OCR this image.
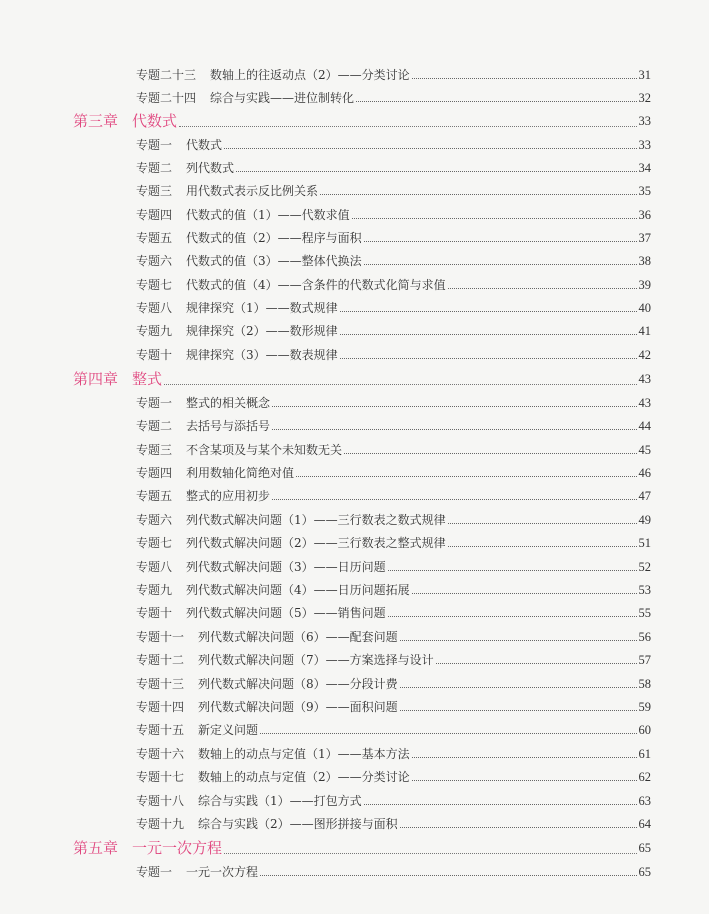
专题二十三 数轴上的往返动点（2）——分类讨论	31
专题二十四 综合与实践——进位制转化	32
第三章 代数式	33
专题一 代数式	33
专题二 列代数式	34
专题三 用代数式表示反比例关系	35
专题四 代数式的值（1）——代数求值	36
专题五 代数式的值（2）——程序与面积	37
专题六 代数式的值（3）——整体代换法	38
专题七 代数式的值（4）——含条件的代数式化简与求值	39
专题八 规律探究（1）——数式规律	40
专题九 规律探究（2）——数形规律	41
专题十 规律探究（3）——数表规律	42
第四章 整式	43
专题一 整式的相关概念	43
专题二 去括号与添括号	44
专题三 不含某项及与某个未知数无关	45
专题四 利用数轴化简绝对值	46
专题五 整式的应用初步	47
专题六 列代数式解决问题（1）——三行数表之数式规律	49
专题七 列代数式解决问题（2）——三行数表之整式规律	51
专题八 列代数式解决问题（3）——日历问题	52
专题九 列代数式解决问题（4）——日历问题拓展	53
专题十 列代数式解决问题（5）——销售问题	55
专题十一 列代数式解决问题（6）——配套问题	56
专题十二 列代数式解决问题（7）——方案选择与设计	57
专题十三 列代数式解决问题（8）——分段计费	58
专题十四 列代数式解决问题（9）——面积问题	59
专题十五 新定义问题	60
专题十六 数轴上的动点与定值（1）——基本方法	61
专题十七 数轴上的动点与定值（2）——分类讨论	62
专题十八 综合与实践（1）——打包方式	63
专题十九 综合与实践（2）——图形拼接与面积	64
第五章 一元一次方程	65
专题一 一元一次方程	65
